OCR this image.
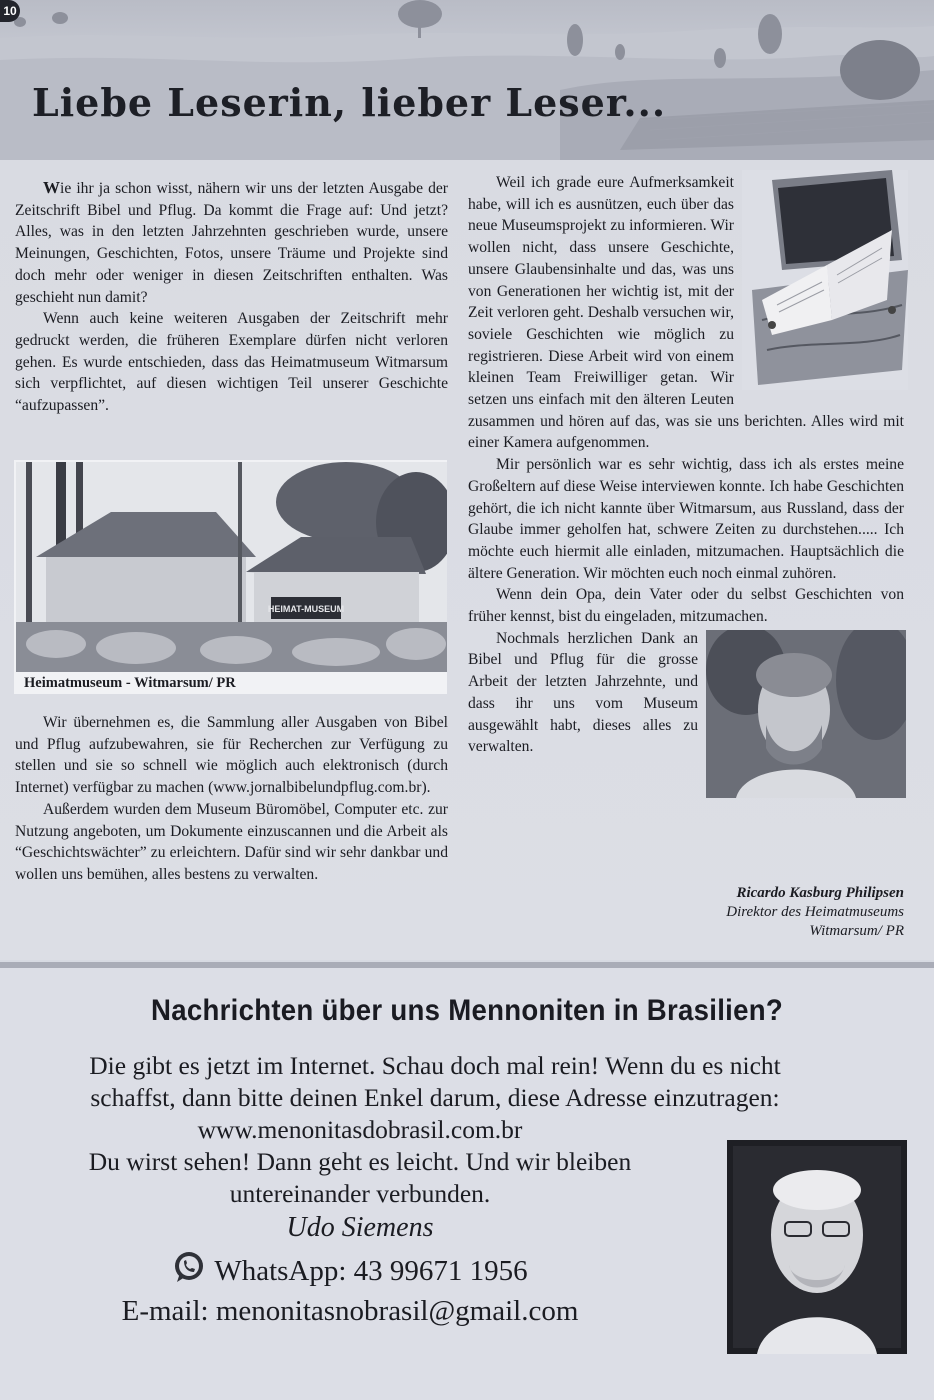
10
Liebe Leserin, lieber Leser...

Wie ihr ja schon wisst, nähern wir uns der letzten Ausgabe der Zeitschrift Bibel und Pflug. Da kommt die Frage auf: Und jetzt? Alles, was in den letzten Jahrzehnten geschrieben wurde, unsere Meinungen, Geschichten, Fotos, unsere Träume und Projekte sind doch mehr oder weniger in diesen Zeitschriften enthalten. Was geschieht nun damit?

Wenn auch keine weiteren Ausgaben der Zeitschrift mehr gedruckt werden, die früheren Exemplare dürfen nicht verloren gehen. Es wurde entschieden, dass das Heimatmuseum Witmarsum sich verpflichtet, auf diesen wichtigen Teil unserer Geschichte “aufzupassen”.

HEIMAT-MUSEUM
Heimatmuseum - Witmarsum/ PR

Wir übernehmen es, die Sammlung aller Ausgaben von Bibel und Pflug aufzubewahren, sie für Recherchen zur Verfügung zu stellen und sie so schnell wie möglich auch elektronisch (durch Internet) verfügbar zu machen (www.jornalbibelundpflug.com.br).

Außerdem wurden dem Museum Büromöbel, Computer etc. zur Nutzung angeboten, um Dokumente einzuscannen und die Arbeit als “Geschichtswächter” zu erleichtern. Dafür sind wir sehr dankbar und wollen uns bemühen, alles bestens zu verwalten.

Weil ich grade eure Aufmerksamkeit habe, will ich es ausnützen, euch über das neue Museumsprojekt zu informieren. Wir wollen nicht, dass unsere Geschichte, unsere Glaubensinhalte und das, was uns von Generationen her wichtig ist, mit der Zeit verloren geht. Deshalb versuchen wir, soviele Geschichten wie möglich zu registrieren. Diese Arbeit wird von einem kleinen Team Freiwilliger getan. Wir setzen uns einfach mit den älteren Leuten zusammen und hören auf das, was sie uns berichten. Alles wird mit einer Kamera aufgenommen.

Mir persönlich war es sehr wichtig, dass ich als erstes meine Großeltern auf diese Weise interviewen konnte. Ich habe Geschichten gehört, die ich nicht kannte über Witmarsum, aus Russland, dass der Glaube immer geholfen hat, schwere Zeiten zu durchstehen..... Ich möchte euch hiermit alle einladen, mitzumachen. Hauptsächlich die ältere Generation. Wir möchten euch noch einmal zuhören.

Wenn dein Opa, dein Vater oder du selbst Geschichten von früher kennst, bist du eingeladen, mitzumachen.

Nochmals herzlichen Dank an Bibel und Pflug für die grosse Arbeit der letzten Jahrzehnte, und dass ihr uns vom Museum ausgewählt habt, dieses alles zu verwalten.

Ricardo Kasburg Philipsen
Direktor des Heimatmuseums
Witmarsum/ PR
Nachrichten über uns Mennoniten in Brasilien?
Die gibt es jetzt im Internet. Schau doch mal rein! Wenn du es nicht
schaffst, dann bitte deinen Enkel darum, diese Adresse einzutragen:
www.menonitasdobrasil.com.br
Du wirst sehen! Dann geht es leicht. Und wir bleiben
untereinander verbunden.
Udo Siemens
WhatsApp: 43 99671 1956
E-mail: menonitasnobrasil@gmail.com
